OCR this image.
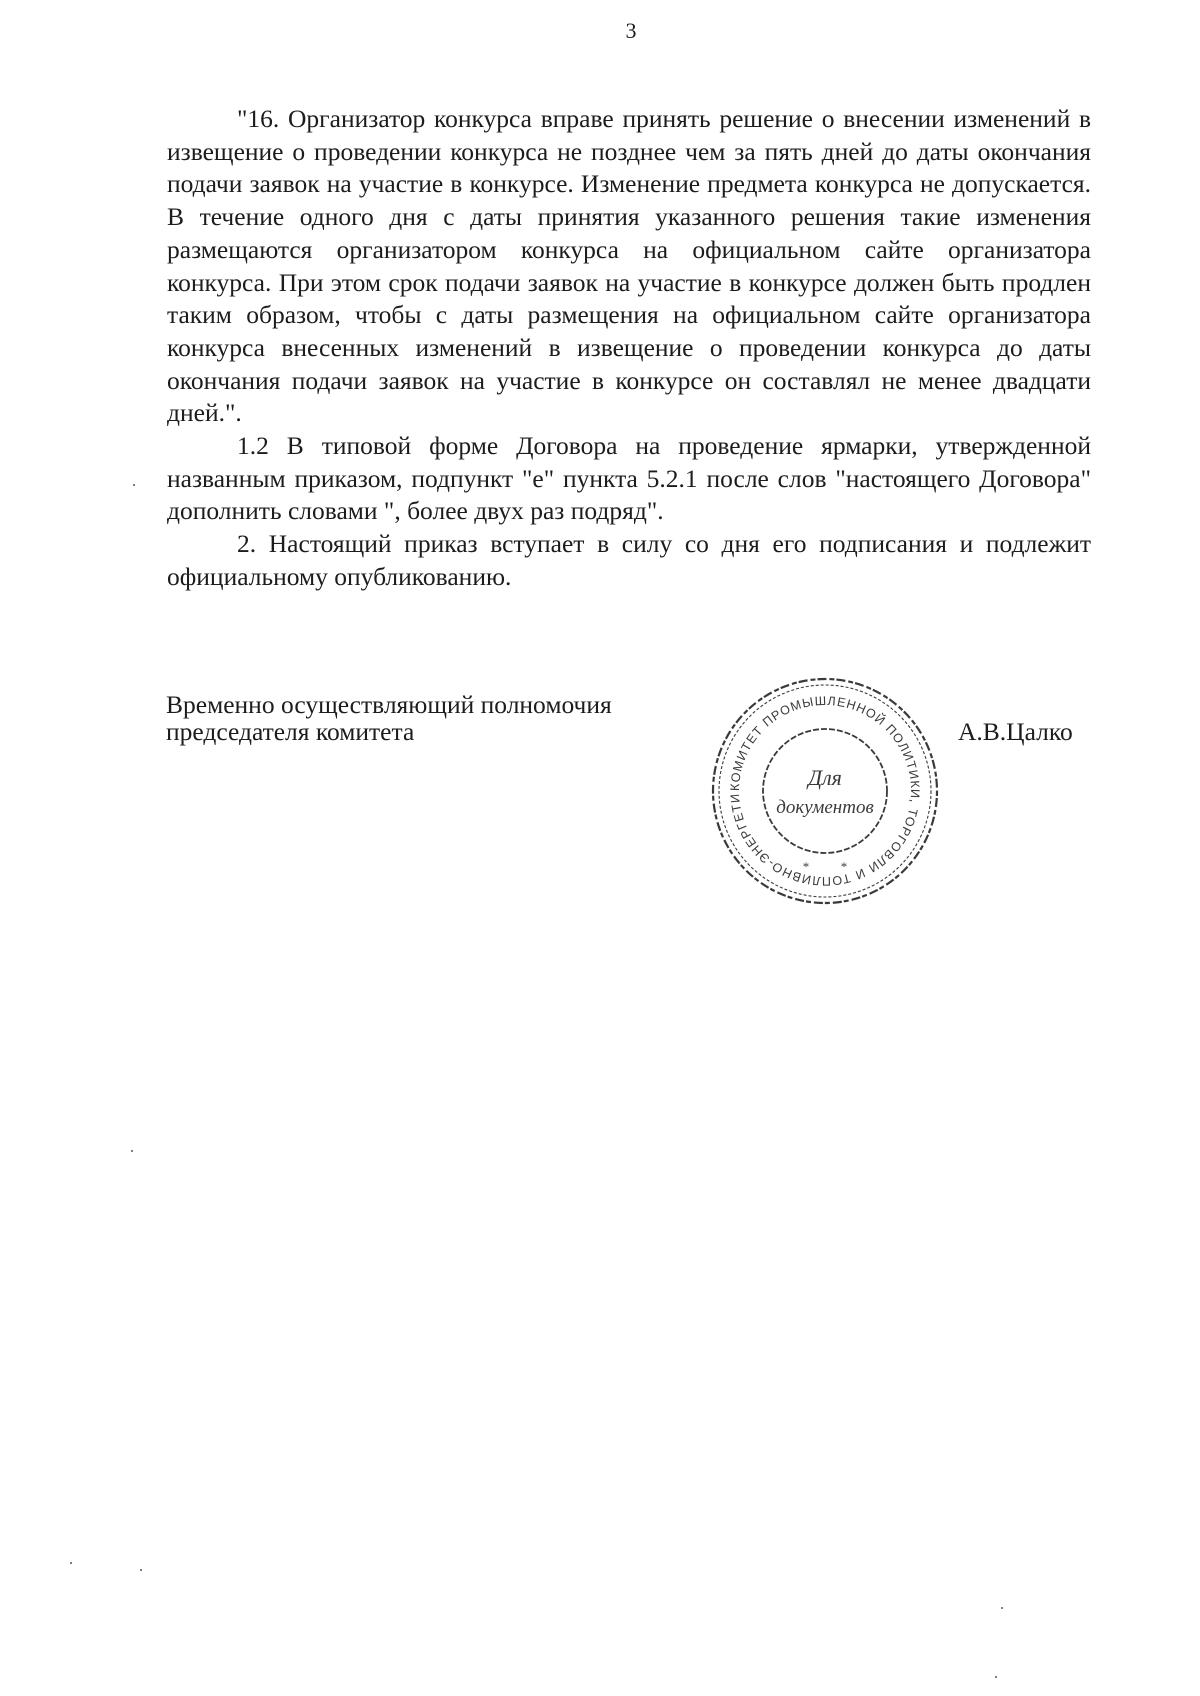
3

"16. Организатор конкурса вправе принять решение о внесении изменений в извещение о проведении конкурса не позднее чем за пять дней до даты окончания подачи заявок на участие в конкурсе. Изменение предмета конкурса не допускается. В течение одного дня с даты принятия указанного решения такие изменения размещаются организатором конкурса на официальном сайте организатора конкурса. При этом срок подачи заявок на участие в конкурсе должен быть продлен таким образом, чтобы с даты размещения на официальном сайте организатора конкурса внесенных изменений в извещение о проведении конкурса до даты окончания подачи заявок на участие в конкурсе он составлял не менее двадцати дней.".

1.2 В типовой форме Договора на проведение ярмарки, утвержденной названным приказом, подпункт "е" пункта 5.2.1 после слов "настоящего Договора" дополнить словами ", более двух раз подряд".

2. Настоящий приказ вступает в силу со дня его подписания и подлежит официальному опубликованию.

Временно осуществляющий полномочия
председателя комитета	А.В.Цалко
КОМИТЕТ ПРОМЫШЛЕННОЙ ПОЛИТИКИ, ТОРГОВЛИ И ТОПЛИВНО-ЭНЕРГЕТИ
Для
документов
* *
